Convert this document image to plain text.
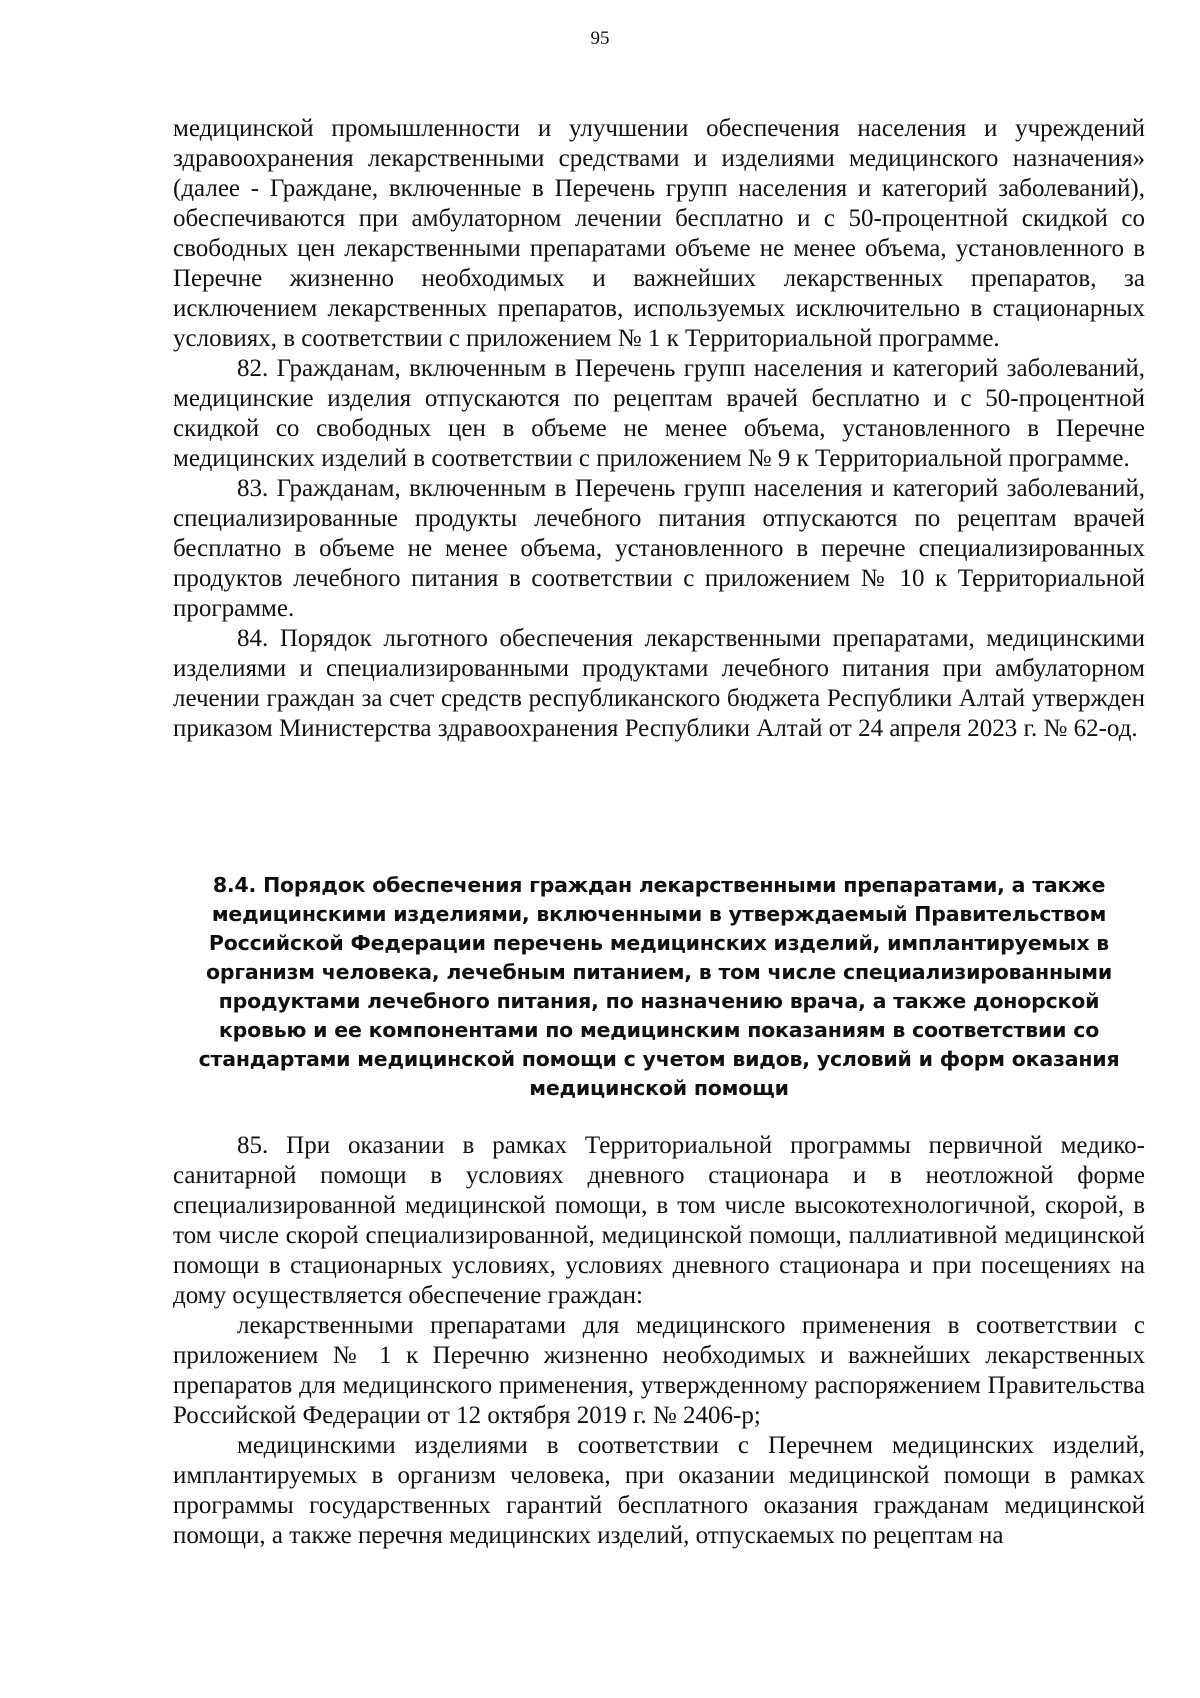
95

медицинской промышленности и улучшении обеспечения населения и учреждений здравоохранения лекарственными средствами и изделиями медицинского назначения» (далее - Граждане, включенные в Перечень групп населения и категорий заболеваний), обеспечиваются при амбулаторном лечении бесплатно и с 50-процентной скидкой со свободных цен лекарственными препаратами объеме не менее объема, установленного в Перечне жизненно необходимых и важнейших лекарственных препаратов, за исключением лекарственных препаратов, используемых исключительно в стационарных условиях, в соответствии с приложением № 1 к Территориальной программе.

82. Гражданам, включенным в Перечень групп населения и категорий заболеваний, медицинские изделия отпускаются по рецептам врачей бесплатно и с 50-процентной скидкой со свободных цен в объеме не менее объема, установленного в Перечне медицинских изделий в соответствии с приложением № 9 к Территориальной программе.

83. Гражданам, включенным в Перечень групп населения и категорий заболеваний, специализированные продукты лечебного питания отпускаются по рецептам врачей бесплатно в объеме не менее объема, установленного в перечне специализированных продуктов лечебного питания в соответствии с приложением № 10 к Территориальной программе.

84. Порядок льготного обеспечения лекарственными препаратами, медицинскими изделиями и специализированными продуктами лечебного питания при амбулаторном лечении граждан за счет средств республиканского бюджета Республики Алтай утвержден приказом Министерства здравоохранения Республики Алтай от 24 апреля 2023 г. № 62-од.

8.4. Порядок обеспечения граждан лекарственными препаратами, а также медицинскими изделиями, включенными в утверждаемый Правительством Российской Федерации перечень медицинских изделий, имплантируемых в организм человека, лечебным питанием, в том числе специализированными продуктами лечебного питания, по назначению врача, а также донорской кровью и ее компонентами по медицинским показаниям в соответствии со стандартами медицинской помощи с учетом видов, условий и форм оказания медицинской помощи

85. При оказании в рамках Территориальной программы первичной медико-санитарной помощи в условиях дневного стационара и в неотложной форме специализированной медицинской помощи, в том числе высокотехнологичной, скорой, в том числе скорой специализированной, медицинской помощи, паллиативной медицинской помощи в стационарных условиях, условиях дневного стационара и при посещениях на дому осуществляется обеспечение граждан:

лекарственными препаратами для медицинского применения в соответствии с приложением № 1 к Перечню жизненно необходимых и важнейших лекарственных препаратов для медицинского применения, утвержденному распоряжением Правительства Российской Федерации от 12 октября 2019 г. № 2406-р;

медицинскими изделиями в соответствии с Перечнем медицинских изделий, имплантируемых в организм человека, при оказании медицинской помощи в рамках программы государственных гарантий бесплатного оказания гражданам медицинской помощи, а также перечня медицинских изделий, отпускаемых по рецептам на
